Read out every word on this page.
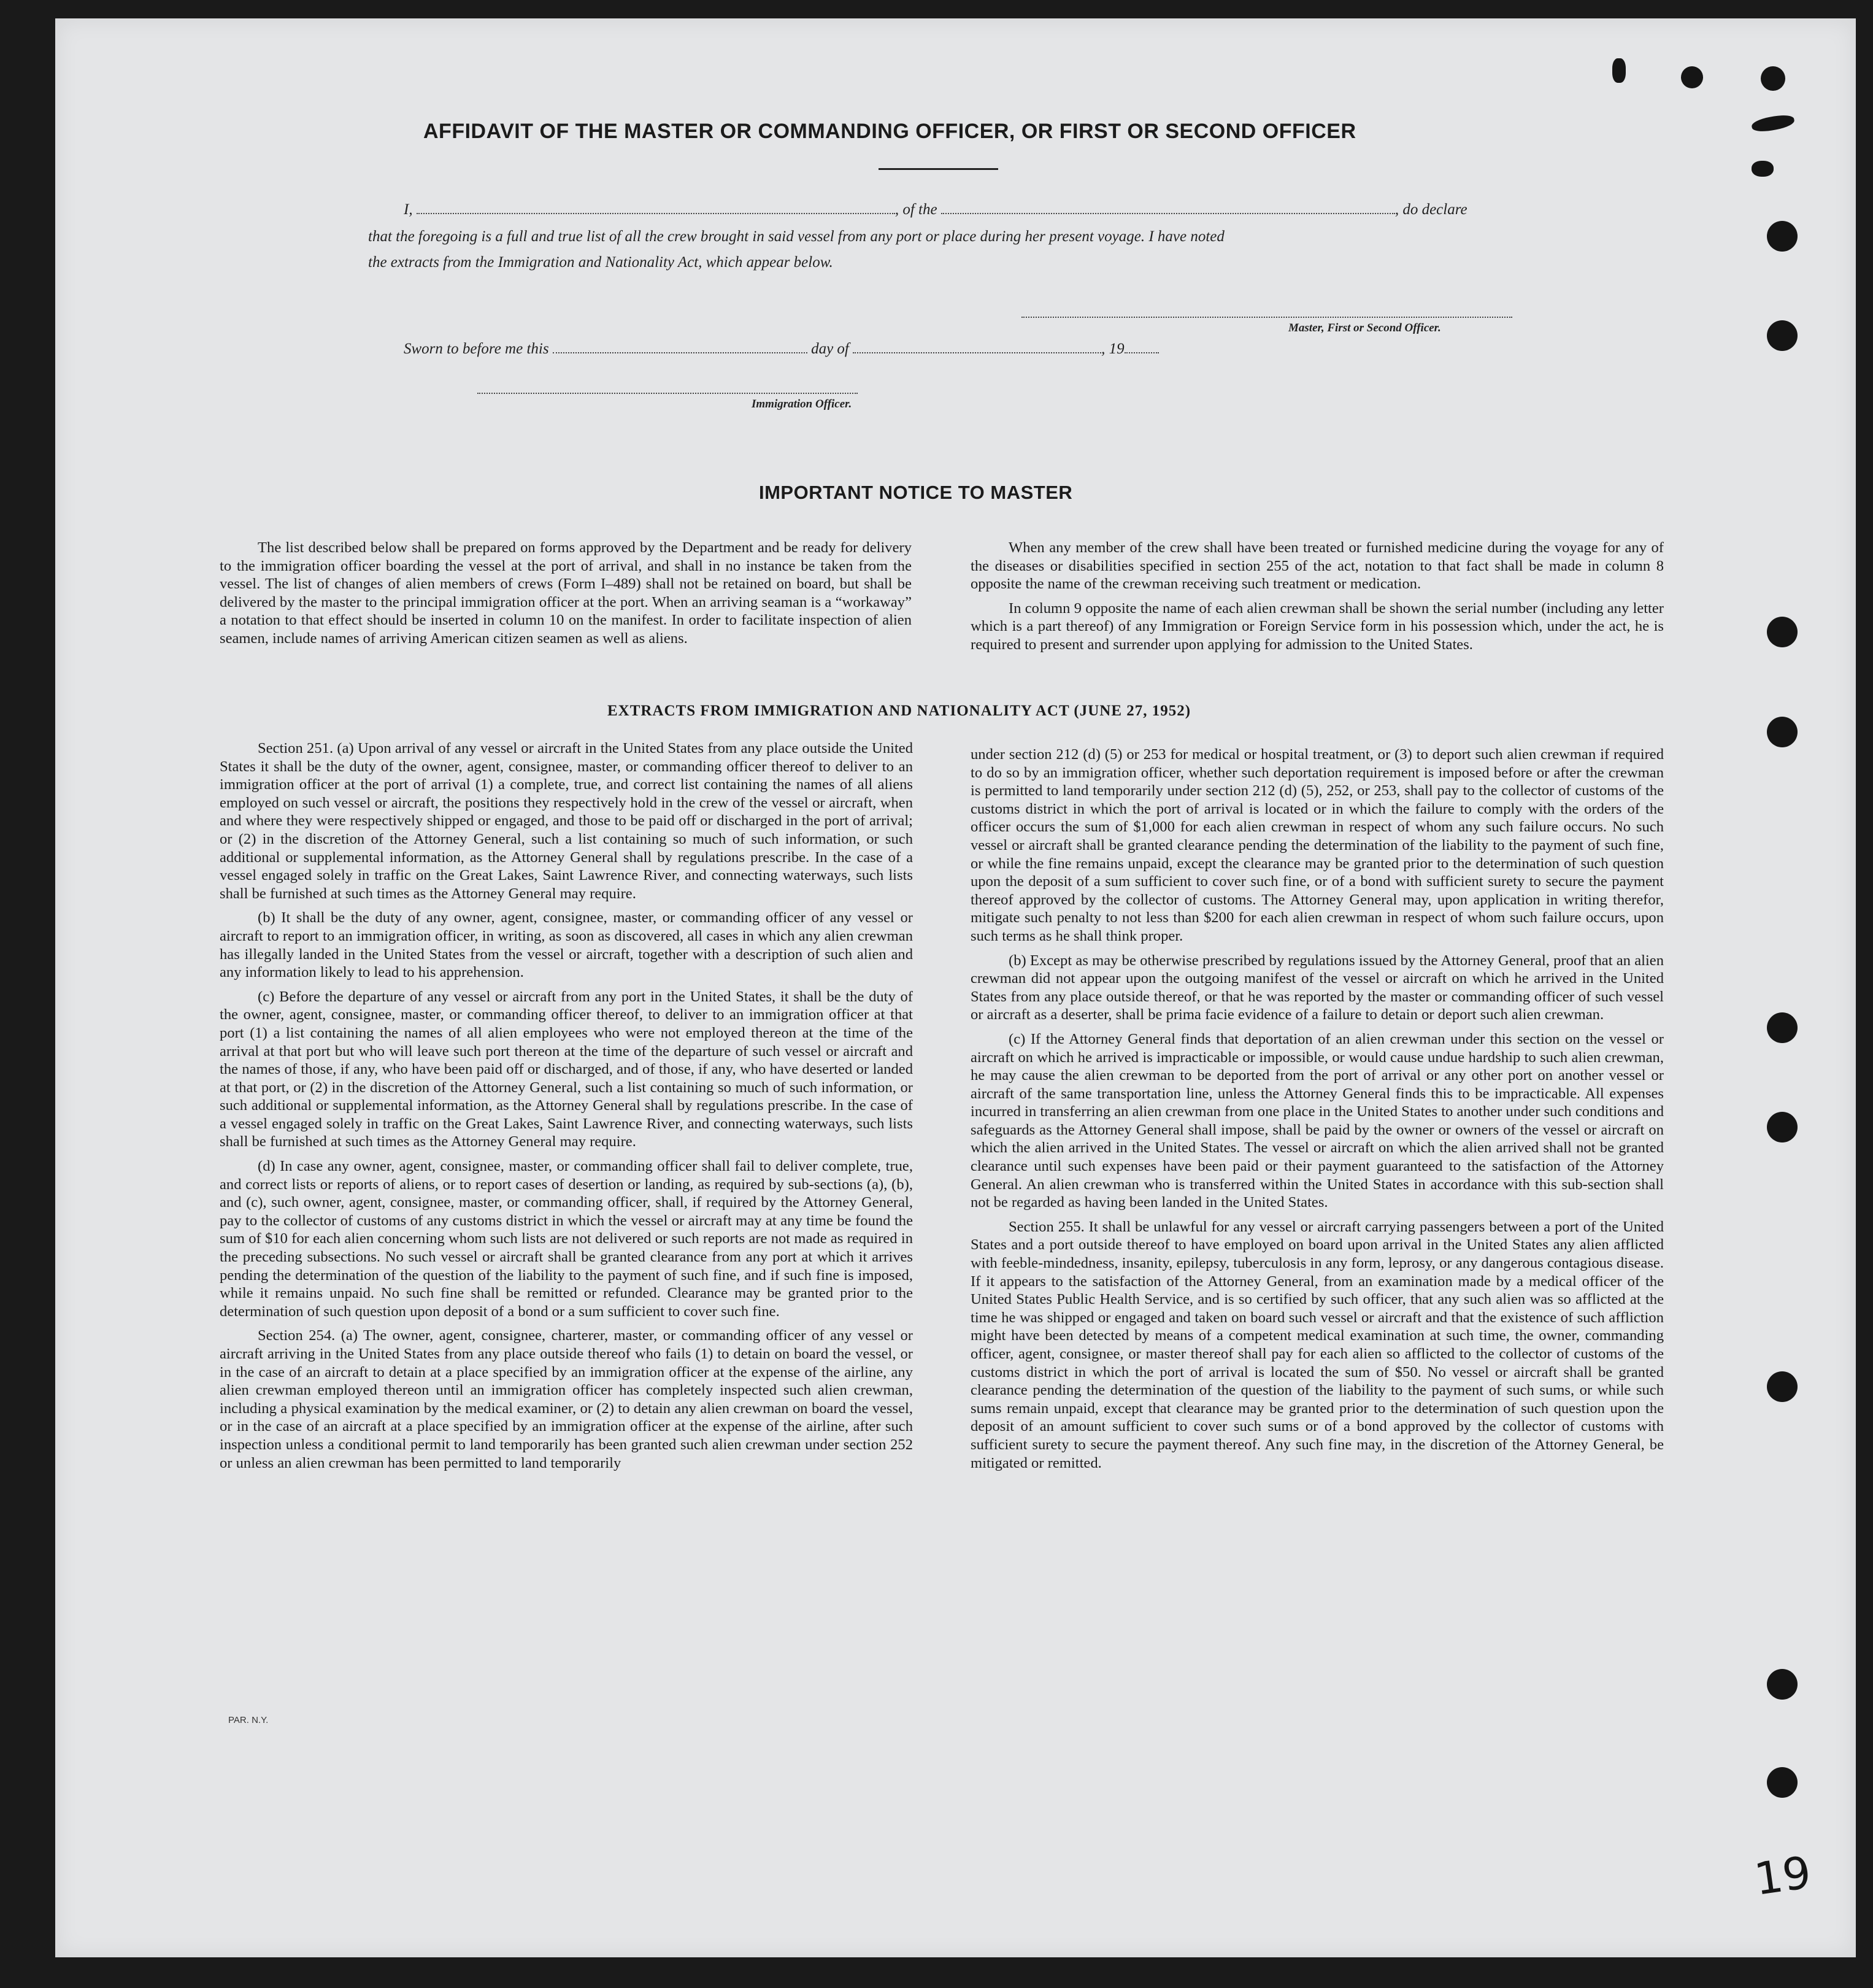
AFFIDAVIT OF THE MASTER OR COMMANDING OFFICER, OR FIRST OR SECOND OFFICER
I,	, of the	, do declare
that the foregoing is a full and true list of all the crew brought in said vessel from any port or place during her present voyage. I have noted
the extracts from the Immigration and Nationality Act, which appear below.
Master, First or Second Officer.
Sworn to before me this	day of	, 19
Immigration Officer.
IMPORTANT NOTICE TO MASTER

The list described below shall be prepared on forms approved by the Department and be ready for delivery to the immigration officer boarding the vessel at the port of arrival, and shall in no instance be taken from the vessel. The list of changes of alien members of crews (Form I–489) shall not be retained on board, but shall be delivered by the master to the principal immigration officer at the port. When an arriving seaman is a “workaway” a notation to that effect should be inserted in column 10 on the manifest. In order to facilitate inspection of alien seamen, include names of arriving American citizen seamen as well as aliens.

When any member of the crew shall have been treated or furnished medicine during the voyage for any of the diseases or disabilities specified in section 255 of the act, notation to that fact shall be made in column 8 opposite the name of the crewman receiving such treatment or medication.

In column 9 opposite the name of each alien crewman shall be shown the serial number (including any letter which is a part thereof) of any Immigration or Foreign Service form in his possession which, under the act, he is required to present and surrender upon applying for admission to the United States.

EXTRACTS FROM IMMIGRATION AND NATIONALITY ACT (JUNE 27, 1952)

Section 251. (a) Upon arrival of any vessel or aircraft in the United States from any place outside the United States it shall be the duty of the owner, agent, consignee, master, or commanding officer thereof to deliver to an immigration officer at the port of arrival (1) a complete, true, and correct list containing the names of all aliens employed on such vessel or aircraft, the positions they respectively hold in the crew of the vessel or aircraft, when and where they were respectively shipped or engaged, and those to be paid off or discharged in the port of arrival; or (2) in the discretion of the Attorney General, such a list containing so much of such information, or such additional or supplemental information, as the Attorney General shall by regulations prescribe. In the case of a vessel engaged solely in traffic on the Great Lakes, Saint Lawrence River, and connecting waterways, such lists shall be furnished at such times as the Attorney General may require.

(b) It shall be the duty of any owner, agent, consignee, master, or commanding officer of any vessel or aircraft to report to an immigration officer, in writing, as soon as discovered, all cases in which any alien crewman has illegally landed in the United States from the vessel or aircraft, together with a description of such alien and any information likely to lead to his apprehension.

(c) Before the departure of any vessel or aircraft from any port in the United States, it shall be the duty of the owner, agent, consignee, master, or commanding officer thereof, to deliver to an immigration officer at that port (1) a list containing the names of all alien employees who were not employed thereon at the time of the arrival at that port but who will leave such port thereon at the time of the departure of such vessel or aircraft and the names of those, if any, who have been paid off or discharged, and of those, if any, who have deserted or landed at that port, or (2) in the discretion of the Attorney General, such a list containing so much of such information, or such additional or supplemental information, as the Attorney General shall by regulations prescribe. In the case of a vessel engaged solely in traffic on the Great Lakes, Saint Lawrence River, and connecting waterways, such lists shall be furnished at such times as the Attorney General may require.

(d) In case any owner, agent, consignee, master, or commanding officer shall fail to deliver complete, true, and correct lists or reports of aliens, or to report cases of desertion or landing, as required by sub-sections (a), (b), and (c), such owner, agent, consignee, master, or commanding officer, shall, if required by the Attorney General, pay to the collector of customs of any customs district in which the vessel or aircraft may at any time be found the sum of $10 for each alien concerning whom such lists are not delivered or such reports are not made as required in the preceding subsections. No such vessel or aircraft shall be granted clearance from any port at which it arrives pending the determination of the question of the liability to the payment of such fine, and if such fine is imposed, while it remains unpaid. No such fine shall be remitted or refunded. Clearance may be granted prior to the determination of such question upon deposit of a bond or a sum sufficient to cover such fine.

Section 254. (a) The owner, agent, consignee, charterer, master, or commanding officer of any vessel or aircraft arriving in the United States from any place outside thereof who fails (1) to detain on board the vessel, or in the case of an aircraft to detain at a place specified by an immigration officer at the expense of the airline, any alien crewman employed thereon until an immigration officer has completely inspected such alien crewman, including a physical examination by the medical examiner, or (2) to detain any alien crewman on board the vessel, or in the case of an aircraft at a place specified by an immigration officer at the expense of the airline, after such inspection unless a conditional permit to land temporarily has been granted such alien crewman under section 252 or unless an alien crewman has been permitted to land temporarily

under section 212 (d) (5) or 253 for medical or hospital treatment, or (3) to deport such alien crewman if required to do so by an immigration officer, whether such deportation requirement is imposed before or after the crewman is permitted to land temporarily under section 212 (d) (5), 252, or 253, shall pay to the collector of customs of the customs district in which the port of arrival is located or in which the failure to comply with the orders of the officer occurs the sum of $1,000 for each alien crewman in respect of whom any such failure occurs. No such vessel or aircraft shall be granted clearance pending the determination of the liability to the payment of such fine, or while the fine remains unpaid, except the clearance may be granted prior to the determination of such question upon the deposit of a sum sufficient to cover such fine, or of a bond with sufficient surety to secure the payment thereof approved by the collector of customs. The Attorney General may, upon application in writing therefor, mitigate such penalty to not less than $200 for each alien crewman in respect of whom such failure occurs, upon such terms as he shall think proper.

(b) Except as may be otherwise prescribed by regulations issued by the Attorney General, proof that an alien crewman did not appear upon the outgoing manifest of the vessel or aircraft on which he arrived in the United States from any place outside thereof, or that he was reported by the master or commanding officer of such vessel or aircraft as a deserter, shall be prima facie evidence of a failure to detain or deport such alien crewman.

(c) If the Attorney General finds that deportation of an alien crewman under this section on the vessel or aircraft on which he arrived is impracticable or impossible, or would cause undue hardship to such alien crewman, he may cause the alien crewman to be deported from the port of arrival or any other port on another vessel or aircraft of the same transportation line, unless the Attorney General finds this to be impracticable. All expenses incurred in transferring an alien crewman from one place in the United States to another under such conditions and safeguards as the Attorney General shall impose, shall be paid by the owner or owners of the vessel or aircraft on which the alien arrived in the United States. The vessel or aircraft on which the alien arrived shall not be granted clearance until such expenses have been paid or their payment guaranteed to the satisfaction of the Attorney General. An alien crewman who is transferred within the United States in accordance with this sub-section shall not be regarded as having been landed in the United States.

Section 255. It shall be unlawful for any vessel or aircraft carrying passengers between a port of the United States and a port outside thereof to have employed on board upon arrival in the United States any alien afflicted with feeble-mindedness, insanity, epilepsy, tuberculosis in any form, leprosy, or any dangerous contagious disease. If it appears to the satisfaction of the Attorney General, from an examination made by a medical officer of the United States Public Health Service, and is so certified by such officer, that any such alien was so afflicted at the time he was shipped or engaged and taken on board such vessel or aircraft and that the existence of such affliction might have been detected by means of a competent medical examination at such time, the owner, commanding officer, agent, consignee, or master thereof shall pay for each alien so afflicted to the collector of customs of the customs district in which the port of arrival is located the sum of $50. No vessel or aircraft shall be granted clearance pending the determination of the question of the liability to the payment of such sums, or while such sums remain unpaid, except that clearance may be granted prior to the determination of such question upon the deposit of an amount sufficient to cover such sums or of a bond approved by the collector of customs with sufficient surety to secure the payment thereof. Any such fine may, in the discretion of the Attorney General, be mitigated or remitted.

PAR. N.Y.
19
